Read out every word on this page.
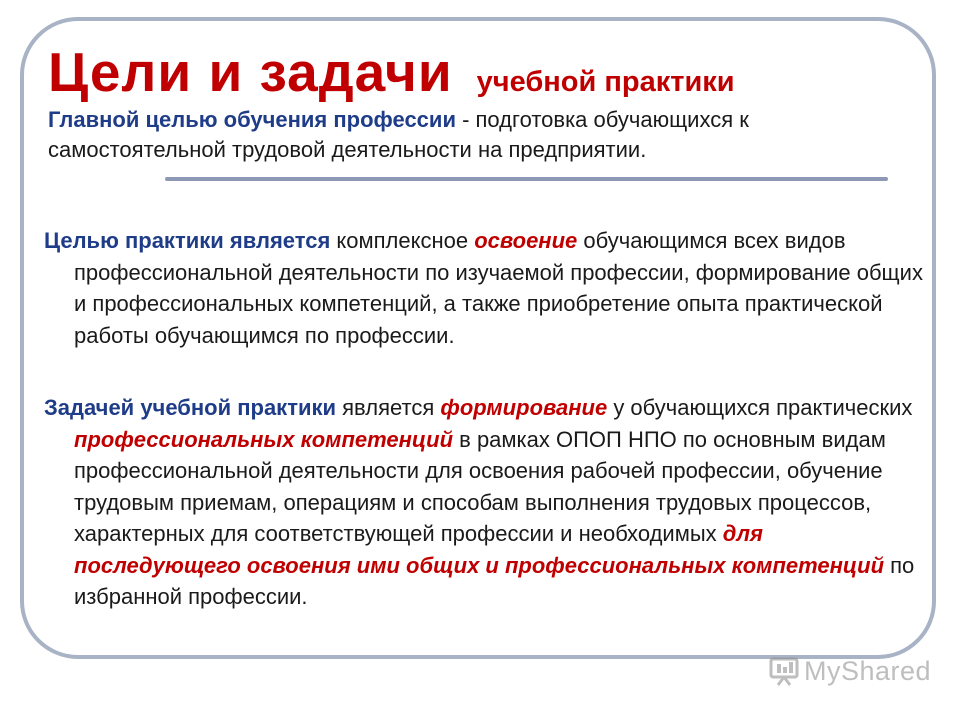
Цели и задачи учебной практики
Главной целью обучения профессии - подготовка обучающихся к самостоятельной трудовой деятельности на предприятии.
Целью практики является комплексное освоение обучающимся всех видов профессиональной деятельности по изучаемой профессии, формирование общих и профессиональных компетенций, а также приобретение опыта практической работы обучающимся по профессии.
Задачей учебной практики является формирование у обучающихся практических профессиональных компетенций в рамках ОПОП НПО по основным видам профессиональной деятельности для освоения рабочей профессии, обучение трудовым приемам, операциям и способам выполнения трудовых процессов, характерных для соответствующей профессии и необходимых для последующего освоения ими общих и профессиональных компетенций по избранной профессии.
MyShared
